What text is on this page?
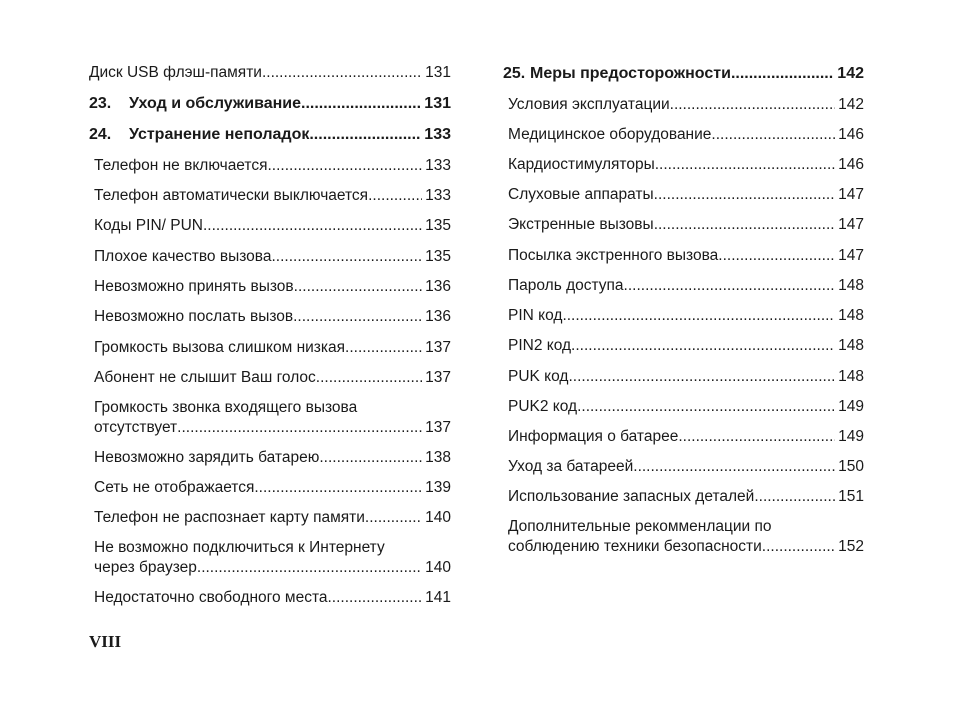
Диск USB флэш-памяти .....	131
23. Уход и обслуживание .....	131
24. Устранение неполадок .....	133
Телефон не включается .....	133
Телефон автоматически выключается .....	133
Коды PIN/ PUN .....	135
Плохое качество вызова .....	135
Невозможно принять вызов .....	136
Невозможно послать вызов .....	136
Громкость вызова слишком низкая .....	137
Абонент не слышит Ваш голос .....	137
Громкость звонка входящего вызова
отсутствует .....	137
Невозможно зарядить батарею .....	138
Сеть не отображается .....	139
Телефон не распознает карту памяти .....	140
Не возможно подключиться к Интернету
через браузер .....	140
Недостаточно свободного места .....	141
25. Меры предосторожности .....	142
Условия эксплуатации .....	142
Медицинское оборудование .....	146
Кардиостимуляторы .....	146
Слуховые аппараты .....	147
Экстренные вызовы .....	147
Посылка экстренного вызова .....	147
Пароль доступа .....	148
PIN код .....	148
PIN2 код .....	148
PUK код .....	148
PUK2 код .....	149
Информация о батарее .....	149
Уход за батареей .....	150
Использование запасных деталей .....	151
Дополнительные рекомменлации по
соблюдению техники безопасности .....	152
VIII
